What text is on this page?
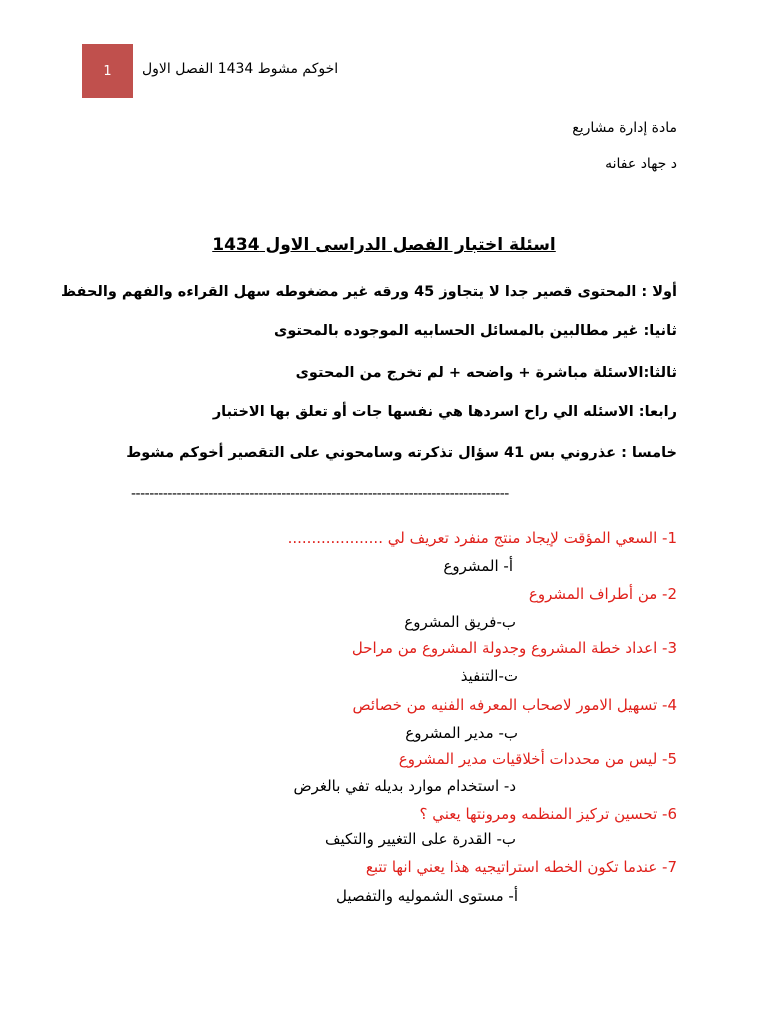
1 اخوكم مشوط 1434 الفصل الاول
مادة إدارة مشاريع
د جهاد عفانه
اسئلة اختبار الفصل الدراسى الاول 1434
أولا : المحتوى قصير جدا لا يتجاوز 45 ورقه غير مضغوطه سهل القراءه والفهم والحفظ
ثانيا: غير مطالبين بالمسائل الحسابيه الموجوده بالمحتوى
ثالثا:الاسئلة مباشرة + واضحه + لم تخرج من المحتوى
رابعا: الاسئله الي راح اسردها هي نفسها جات أو تعلق بها الاختبار
خامسا : عذروني بس 41 سؤال تذكرته وسامحوني على التقصير أخوكم مشوط
-----------------------------------------------------------------------------------
1- السعي المؤقت لإيجاد منتج منفرد تعريف لي ....................
أ- المشروع
2- من أطراف المشروع
ب-فريق المشروع
3- اعداد خطة المشروع وجدولة المشروع من مراحل
ت-التنفيذ
4- تسهيل الامور لاصحاب المعرفه الفنيه من خصائص
ب- مدير المشروع
5- ليس من محددات أخلاقيات مدير المشروع
د- استخدام موارد بديله تفي بالغرض
6- تحسين تركيز المنظمه ومرونتها يعني ؟
ب- القدرة على التغيير والتكيف
7- عندما تكون الخطه استراتيجيه هذا يعني انها تتبع
أ- مستوى الشموليه والتفصيل
